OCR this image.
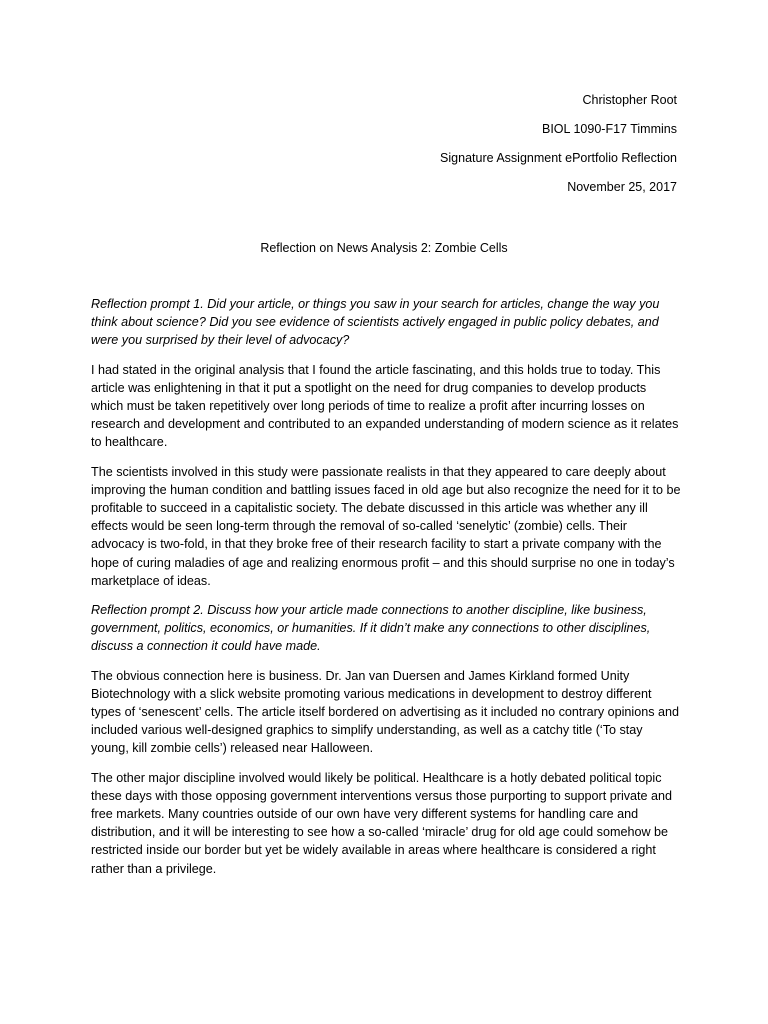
Christopher Root
BIOL 1090-F17 Timmins
Signature Assignment ePortfolio Reflection
November 25, 2017
Reflection on News Analysis 2: Zombie Cells

Reflection prompt 1. Did your article, or things you saw in your search for articles, change the way you think about science? Did you see evidence of scientists actively engaged in public policy debates, and were you surprised by their level of advocacy?

I had stated in the original analysis that I found the article fascinating, and this holds true to today. This article was enlightening in that it put a spotlight on the need for drug companies to develop products which must be taken repetitively over long periods of time to realize a profit after incurring losses on research and development and contributed to an expanded understanding of modern science as it relates to healthcare.

The scientists involved in this study were passionate realists in that they appeared to care deeply about improving the human condition and battling issues faced in old age but also recognize the need for it to be profitable to succeed in a capitalistic society. The debate discussed in this article was whether any ill effects would be seen long-term through the removal of so-called ‘senelytic’ (zombie) cells. Their advocacy is two-fold, in that they broke free of their research facility to start a private company with the hope of curing maladies of age and realizing enormous profit – and this should surprise no one in today’s marketplace of ideas.

Reflection prompt 2. Discuss how your article made connections to another discipline, like business, government, politics, economics, or humanities. If it didn’t make any connections to other disciplines, discuss a connection it could have made.

The obvious connection here is business. Dr. Jan van Duersen and James Kirkland formed Unity Biotechnology with a slick website promoting various medications in development to destroy different types of ‘senescent’ cells. The article itself bordered on advertising as it included no contrary opinions and included various well-designed graphics to simplify understanding, as well as a catchy title (‘To stay young, kill zombie cells’) released near Halloween.

The other major discipline involved would likely be political. Healthcare is a hotly debated political topic these days with those opposing government interventions versus those purporting to support private and free markets. Many countries outside of our own have very different systems for handling care and distribution, and it will be interesting to see how a so-called ‘miracle’ drug for old age could somehow be restricted inside our border but yet be widely available in areas where healthcare is considered a right rather than a privilege.
